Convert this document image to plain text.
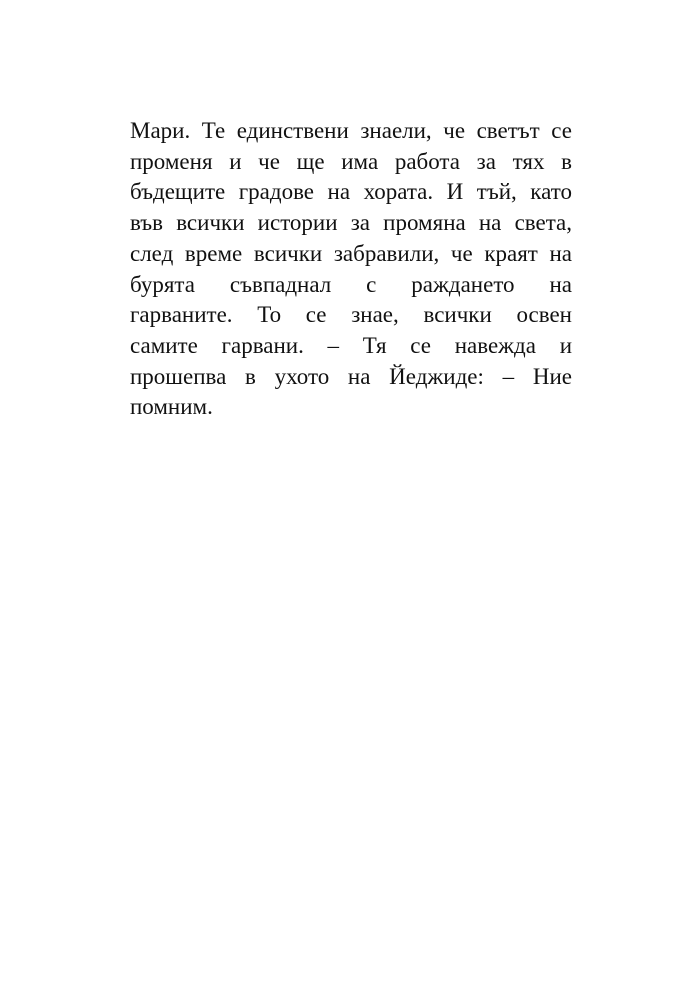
Мари. Те единствени знаели, че светът се
променя и че ще има работа за тях в
бъдещите градове на хората. И тъй, като
във всички истории за промяна на света,
след време всички забравили, че краят на
бурята съвпаднал с раждането на
гарваните. То се знае, всички освен
самите гарвани. – Тя се навежда и
прошепва в ухото на Йеджиде: – Ние
помним.
